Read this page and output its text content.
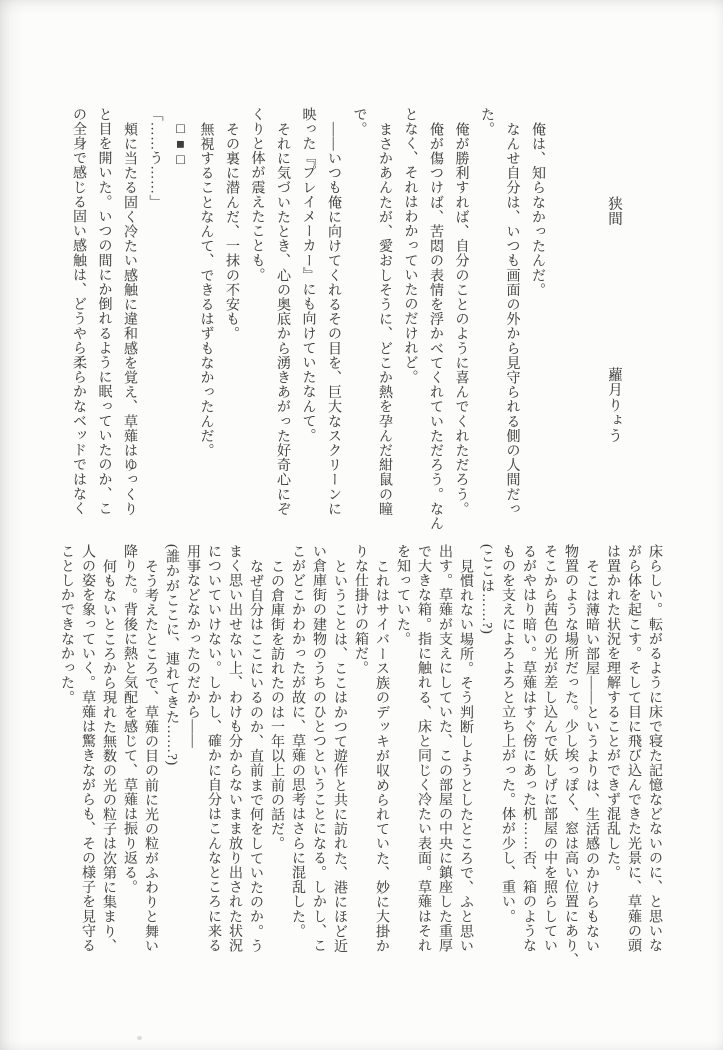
狭間
蘿月りょう
俺は、知らなかったんだ。
なんせ自分は、いつも画面の外から見守られる側の人間だっ
た。
俺が勝利すれば、自分のことのように喜んでくれただろう。
俺が傷つけば、苦悶の表情を浮かべてくれていただろう。なん
となく、それはわかっていたのだけれど。
まさかあんたが、愛おしそうに、どこか熱を孕んだ紺鼠の瞳
で。
――いつも俺に向けてくれるその目を、巨大なスクリーンに
映った『プレイメーカー』にも向けていたなんて。
それに気づいたとき、心の奥底から湧きあがった好奇心にぞ
くりと体が震えたことも。
その裏に潜んだ、一抹の不安も。
無視することなんて、できるはずもなかったんだ。
□■□
「……う……」
頬に当たる固く冷たい感触に違和感を覚え、草薙はゆっくり
と目を開いた。いつの間にか倒れるように眠っていたのか、こ
の全身で感じる固い感触は、どうやら柔らかなベッドではなく
床らしい。転がるように床で寝た記憶などないのに、と思いな
がら体を起こす。そして目に飛び込んできた光景に、草薙の頭
は置かれた状況を理解することができず混乱した。
そこは薄暗い部屋――というよりは、生活感のかけらもない
物置のような場所だった。少し埃っぽく、窓は高い位置にあり、
そこから茜色の光が差し込んで妖しげに部屋の中を照らしてい
るがやはり暗い。草薙はすぐ傍にあった机……否、箱のような
ものを支えによろよろと立ち上がった。体が少し、重い。
(ここは……?)
見慣れない場所。そう判断しようとしたところで、ふと思い
出す。草薙が支えにしていた、この部屋の中央に鎮座した重厚
で大きな箱。指に触れる、床と同じく冷たい表面。草薙はそれ
を知っていた。
これはサイバース族のデッキが収められていた、妙に大掛か
りな仕掛けの箱だ。
ということは、ここはかつて遊作と共に訪れた、港にほど近
い倉庫街の建物のうちのひとつということになる。しかし、こ
こがどこかわかったが故に、草薙の思考はさらに混乱した。
この倉庫街を訪れたのは一年以上前の話だ。
なぜ自分はここにいるのか、直前まで何をしていたのか。う
まく思い出せない上、わけも分からないまま放り出された状況
についていけない。しかし、確かに自分はこんなところに来る
用事などなかったのだから――
(誰かがここに、連れてきた……?)
そう考えたところで、草薙の目の前に光の粒がふわりと舞い
降りた。背後に熱と気配を感じて、草薙は振り返る。
何もないところから現れた無数の光の粒子は次第に集まり、
人の姿を象っていく。草薙は驚きながらも、その様子を見守る
ことしかできなかった。
